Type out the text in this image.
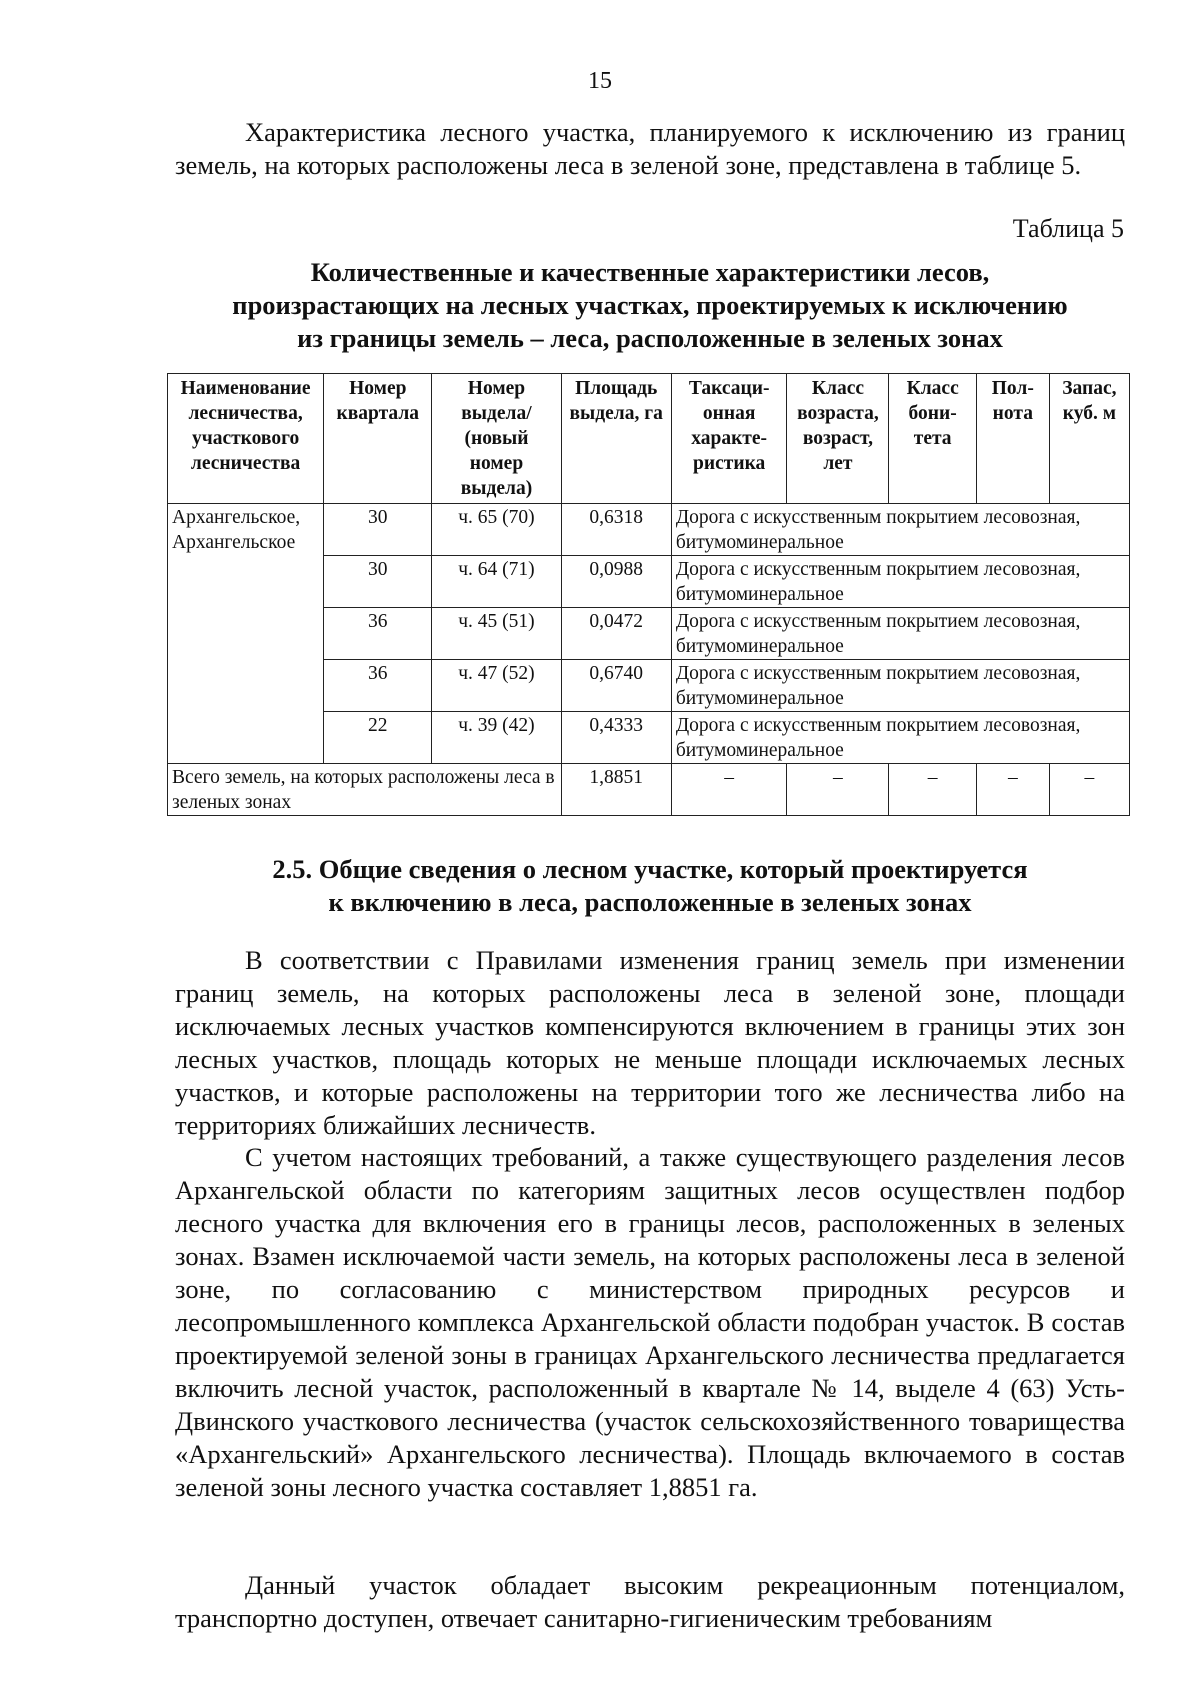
15

Характеристика лесного участка, планируемого к исключению из границ земель, на которых расположены леса в зеленой зоне, представлена в таблице 5.

Таблица 5
Количественные и качественные характеристики лесов,
произрастающих на лесных участках, проектируемых к исключению
из границы земель – леса, расположенные в зеленых зонах
Наименование лесничества, участкового лесничества	Номер квартала	Номер выдела/ (новый номер выдела)	Площадь выдела, га	Таксаци-онная характе-ристика	Класс возраста, возраст, лет	Класс бони-тета	Пол-нота	Запас, куб. м
Архангельское, Архангельское	30	ч. 65 (70)	0,6318	Дорога с искусственным покрытием лесовозная, битумоминеральное				
	30	ч. 64 (71)	0,0988	Дорога с искусственным покрытием лесовозная, битумоминеральное				
	36	ч. 45 (51)	0,0472	Дорога с искусственным покрытием лесовозная, битумоминеральное				
	36	ч. 47 (52)	0,6740	Дорога с искусственным покрытием лесовозная, битумоминеральное				
	22	ч. 39 (42)	0,4333	Дорога с искусственным покрытием лесовозная, битумоминеральное				
Всего земель, на которых расположены леса в зеленых зонах			1,8851	–	–	–	–	–
2.5. Общие сведения о лесном участке, который проектируется
к включению в леса, расположенные в зеленых зонах

В соответствии с Правилами изменения границ земель при изменении границ земель, на которых расположены леса в зеленой зоне, площади исключаемых лесных участков компенсируются включением в границы этих зон лесных участков, площадь которых не меньше площади исключаемых лесных участков, и которые расположены на территории того же лесничества либо на территориях ближайших лесничеств.

С учетом настоящих требований, а также существующего разделения лесов Архангельской области по категориям защитных лесов осуществлен подбор лесного участка для включения его в границы лесов, расположенных в зеленых зонах. Взамен исключаемой части земель, на которых расположены леса в зеленой зоне, по согласованию с министерством природных ресурсов и лесопромышленного комплекса Архангельской области подобран участок. В состав проектируемой зеленой зоны в границах Архангельского лесничества предлагается включить лесной участок, расположенный в квартале № 14, выделе 4 (63) Усть-Двинского участкового лесничества (участок сельскохозяйственного товарищества «Архангельский» Архангельского лесничества). Площадь включаемого в состав зеленой зоны лесного участка составляет 1,8851 га.

Данный участок обладает высоким рекреационным потенциалом, транспортно доступен, отвечает санитарно-гигиеническим требованиям
